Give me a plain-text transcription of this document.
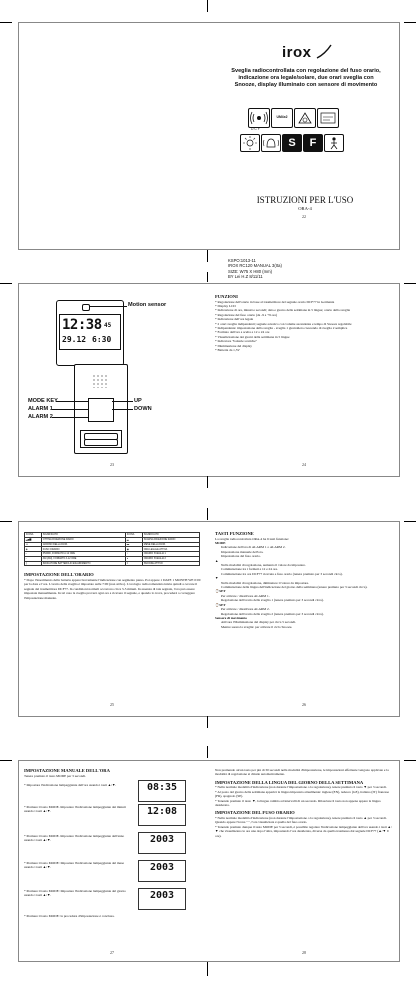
irox
Sveglia radiocontrollata con regolazione del fuso orario, indicazione ora legale/solare, due orari sveglia con Snooze, display illuminato con sensore di movimento
D C F
UM4x2
S	F
ISTRUZIONI PER L'USO
ORA-4
22
KSPO:1013-11
IROX RC120 MANUAL 3(Ita)
SIZE: W75 X H80 (mm)
BY Lei H.Z 8/11/11
12:38 45
29.12 6:30
Motion sensor
MODE KEY
ALARM 1
ALARM 2
UP
DOWN
23
FUNZIONI
* Regolazione dell'orario in base al trasmettitore del segnale orario DCF77 in Germania
* Display LCD
* Indicazione di ora, minuti e secondi; data e giorno della settimana in 5 lingue; orario della sveglia
* Regolazione del fuso orario (da -9 a +9 ore)
* Indicazione dell'ora legale
* 2 orari sveglia indipendenti; segnale acustico con volume ascendente e tempo di Snooze regolabile
* Indipendente: impostazione della sveglia - sveglia 1 giornaliera crescendo di sveglia 2 semplice
* Formato dell'ora a scelta a 12 o 24 ore
* Visualizzazione dei giorni della settimana in 5 lingue
* Indicatore "batterie scariche"
* Illuminazione del display
* Batteria da 1,5V
24
ICONA	SIGNIFICATO	ICONA	SIGNIFICATO
▂▄▆	OTTIMA RICEZIONE RADIO	▂	SCARSA RICEZIONE RADIO
▭	GIORNO DELLA DATA	▬	MESE DELLA DATA
◈	FUSO ORARIO	◉	ORA LEGALE ATTIVA
▪	PM/MD, FORMATO A 12 ORE	◔	ORARIO SVEGLIA 1
▫	AM (AM), FORMATO A 12 ORE	◕	ORARIO SVEGLIA 2
▯	INDICATORE BATTERIA IN ESAURIMENTO	z	SNOOZE ATTIVO
IMPOSTAZIONE DELL'ORARIO
* Dopo l'inserimento della batteria appare brevemente l'indicazione con segmento pieno. Poi appare 1 DATE 1 MONTH WE 0:00 per la data e l'ora. L'orario della sveglia è impostato sulle 7:00 (non attivo). L'orologio radiocomandato inizia quindi a cercare il segnale del trasmettitore DCF77. In condizioni normali occorrono circa 3-5 minuti. In assenza di tale segnale, l'ora può essere impostata manualmente. In tal caso la sveglia proverà ogni ora a ricevere il segnale, e quando lo trova, procederà a correggere l'impostazione manuale.
25
TASTI FUNZIONE
La sveglia radiocontrollata ORA-4 ha 6 tasti funzione:
MODE
Indicazione dell'ora di ALARM 1 o ALARM 2.
Impostazione manuale dell'ora.
Impostazione del fuso orario.
▲
Nella modalità di regolazione, aumento il valore da impostare.
Commutazione tra i formati a 12 e 24 ore.
Commutazione tra ora DCF77 ricevuta e fuso orario (tenere premuto per 3 secondi circa).
▼
Nella modalità di regolazione, diminuisce il valore da impostare.
Commutazione della lingua dell'indicazione del giorno della settimana (tenere premuto per 3 secondi circa).
⌚SET
Per attivare / disattivare ALARM 1.
Regolazione dell'orario della sveglia 1 (tenere premuto per 3 secondi circa).
⌚SET
Per attivare / disattivare ALARM 2.
Regolazione dell'orario della sveglia 2 (tenere premuto per 3 secondi circa).
Sensore di movimento
Attivare l'illuminazione del display per circa 5 secondi.
Mentre suona la sveglia: per attivare il ciclo Snooze.
26
IMPOSTAZIONE MANUALE DELL'ORA
Tenere premuto il tasto MODE per 3 secondi.
* Impostare l'indicazione lampeggiante dell'ora usando i tasti ▲/▼.
* Premere il tasto MODE. Impostare l'indicazione lampeggiante dei minuti usando i tasti ▲/▼.
* Premere il tasto MODE. Impostare l'indicazione lampeggiante dell'anno usando i tasti ▲/▼.
* Premere il tasto MODE: Impostare l'indicazione lampeggiante del mese usando i tasti ▲/▼.
* Premere il tasto MODE: Impostare l'indicazione lampeggiante del giorno usando i tasti ▲/▼.
* Premere il tasto MODE: la procedura d'impostazione è conclusa.
08:35
12:08
2003
2003
2003
27
Non premendo alcun tasto per più di 30 secondi nella modalità d'impostazione, le impostazioni effettuate vengono applicate e la modalità di regolazione si chiude automaticamente.
IMPOSTAZIONE DELLA LINGUA DEL GIORNO DELLA SETTIMANA
* Nella normale modalità d'indicazione (non durante l'impostazione o la regolazione), tenere premuto il tasto ▼ per 3 secondi.
* Al posto del giorno della settimana apparirà la lingua impostata attualmente: inglese (EN), tedesco (GE), italiano (IT) francese (FR), spagnolo (SP).
* Tenendo premuto il tasto ▼, la lingua cambia ad intervalli di un secondo. Rilasciare il tasto non appena appare la lingua desiderata.
IMPOSTAZIONE DEL FUSO ORARIO
* Nella normale modalità d'indicazione (non durante l'impostazione o la regolazione), tenere premuto il tasto ▲ per 3 secondi. Quando appare l'icona " ", l'ora visualizzata è quella del fuso orario.
* Tenendo premuto dunque il tasto MODE per 3 secondi, è possibile regolare l'indicazione lampeggiante dell'ora usando i tasti ▲/▼ che visualizzano le ore una dopo l'altra, impostando l'ora desiderata, diversa da quella trasmessa dal segnale DCF77 (▲/▼ 9 ore).
28
